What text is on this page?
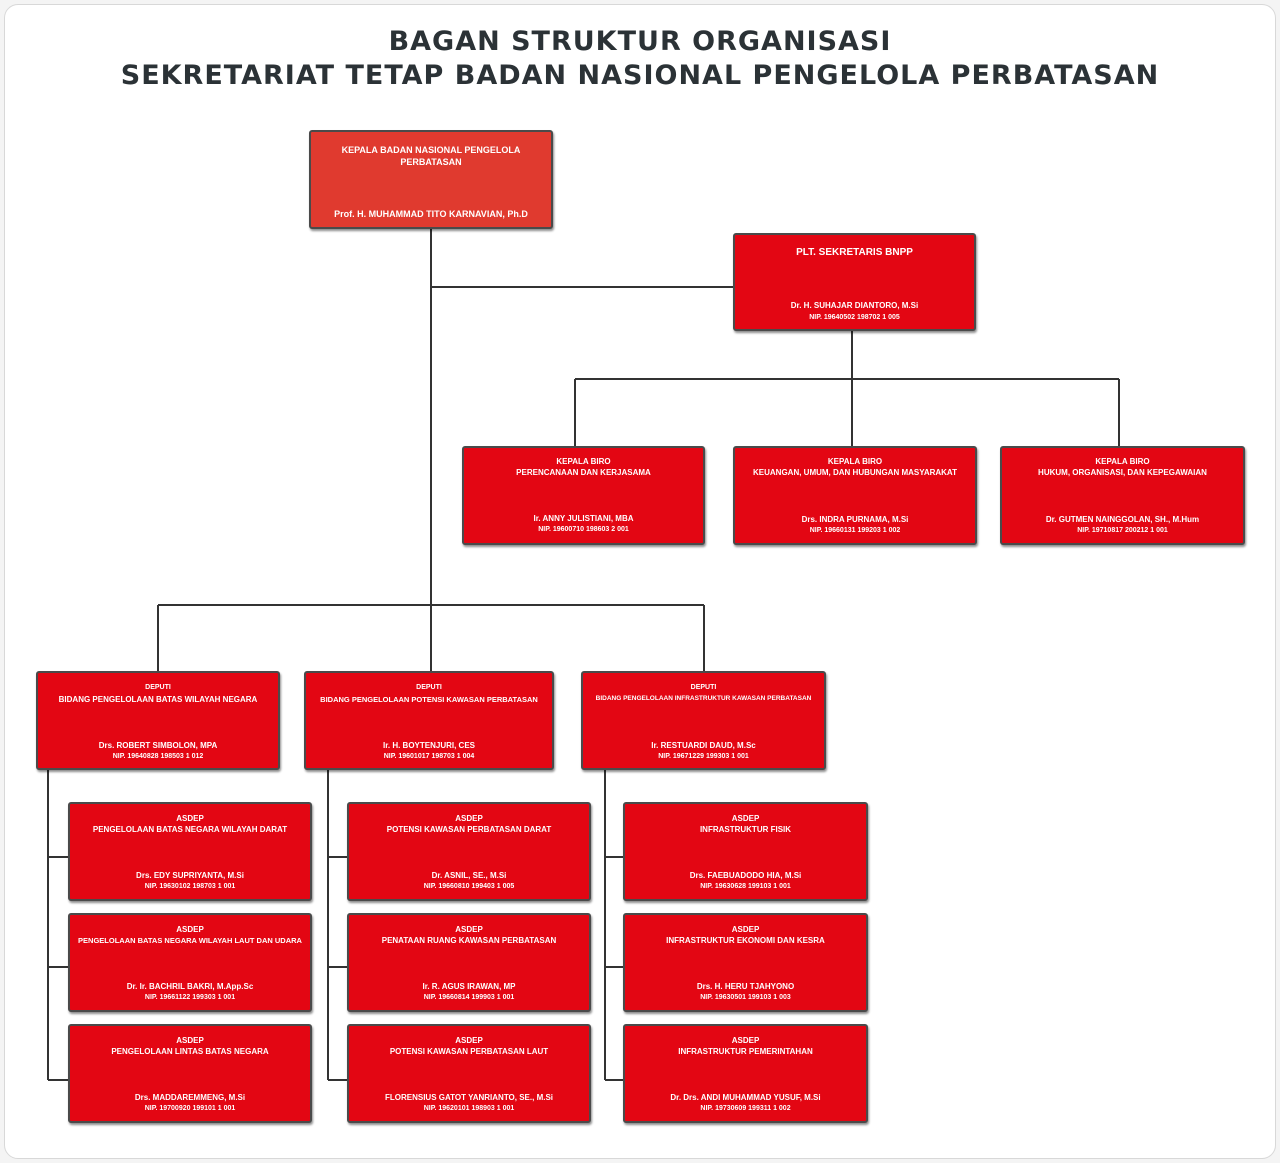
BAGAN STRUKTUR ORGANISASI
SEKRETARIAT TETAP BADAN NASIONAL PENGELOLA PERBATASAN
KEPALA BADAN NASIONAL PENGELOLA
PERBATASAN
Prof. H. MUHAMMAD TITO KARNAVIAN, Ph.D
PLT. SEKRETARIS BNPP
Dr. H. SUHAJAR DIANTORO, M.Si
NIP. 19640502 198702 1 005
KEPALA BIRO
PERENCANAAN DAN KERJASAMA
Ir. ANNY JULISTIANI, MBA
NIP. 19600710 198603 2 001
KEPALA BIRO
KEUANGAN, UMUM, DAN HUBUNGAN MASYARAKAT
Drs. INDRA PURNAMA, M.Si
NIP. 19660131 199203 1 002
KEPALA BIRO
HUKUM, ORGANISASI, DAN KEPEGAWAIAN
Dr. GUTMEN NAINGGOLAN, SH., M.Hum
NIP. 19710817 200212 1 001
DEPUTI
BIDANG PENGELOLAAN BATAS WILAYAH NEGARA
Drs. ROBERT SIMBOLON, MPA
NIP. 19640828 198503 1 012
DEPUTI
BIDANG PENGELOLAAN POTENSI KAWASAN PERBATASAN
Ir. H. BOYTENJURI, CES
NIP. 19601017 198703 1 004
DEPUTI
BIDANG PENGELOLAAN INFRASTRUKTUR KAWASAN PERBATASAN
Ir. RESTUARDI DAUD, M.Sc
NIP. 19671229 199303 1 001
ASDEP
PENGELOLAAN BATAS NEGARA WILAYAH DARAT
Drs. EDY SUPRIYANTA, M.Si
NIP. 19630102 198703 1 001
ASDEP
PENGELOLAAN BATAS NEGARA WILAYAH LAUT DAN UDARA
Dr. Ir. BACHRIL BAKRI, M.App.Sc
NIP. 19661122 199303 1 001
ASDEP
PENGELOLAAN LINTAS BATAS NEGARA
Drs. MADDAREMMENG, M.Si
NIP. 19700920 199101 1 001
ASDEP
POTENSI KAWASAN PERBATASAN DARAT
Dr. ASNIL, SE., M.Si
NIP. 19660810 199403 1 005
ASDEP
PENATAAN RUANG KAWASAN PERBATASAN
Ir. R. AGUS IRAWAN, MP
NIP. 19660814 199903 1 001
ASDEP
POTENSI KAWASAN PERBATASAN LAUT
FLORENSIUS GATOT YANRIANTO, SE., M.Si
NIP. 19620101 198903 1 001
ASDEP
INFRASTRUKTUR FISIK
Drs. FAEBUADODO HIA, M.Si
NIP. 19630628 199103 1 001
ASDEP
INFRASTRUKTUR EKONOMI DAN KESRA
Drs. H. HERU TJAHYONO
NIP. 19630501 199103 1 003
ASDEP
INFRASTRUKTUR PEMERINTAHAN
Dr. Drs. ANDI MUHAMMAD YUSUF, M.Si
NIP. 19730609 199311 1 002
